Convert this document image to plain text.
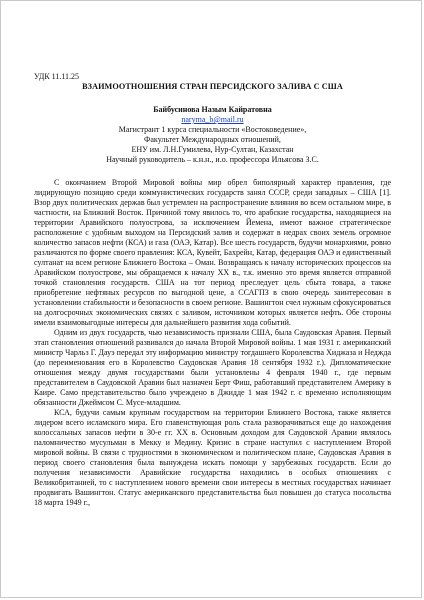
УДК 11.11.25

ВЗАИМООТНОШЕНИЯ СТРАН ПЕРСИДСКОГО ЗАЛИВА С США

Байбусинова Назым Кайратовна

naryma_b@mail.ru

Магистрант 1 курса специальности «Востоковедение»,

Факультет Международных отношений,

ЕНУ им. Л.Н.Гумилева, Нур-Султан, Казахстан

Научный руководитель – к.н.н., и.о. профессора Ильясова З.С.

С окончанием Второй Мировой войны мир обрел биполярный характер правления, где лидирующую позицию среди коммунистических государств занял СССР, среди западных – США [1]. Взор двух политических держав был устремлен на распространение влияния во всем остальном мире, в частности, на Ближний Восток. Причиной тому явилось то, что арабские государства, находящиеся на территории Аравийского полуострова, за исключением Йемена, имеют важное стратегическое расположение с удобным выходом на Персидский залив и содержат в недрах своих земель огромное количество запасов нефти (КСА) и газа (ОАЭ, Катар). Все шесть государств, будучи монархиями, ровно различаются по форме своего правления: КСА, Кувейт, Бахрейн, Катар, федерация ОАЭ и единственный султанат на всем регионе Ближнего Востока – Оман. Возвращаясь к началу исторических процессов на Аравийском полуострове, мы обращаемся к началу XX в., т.к. именно это время является отправной точкой становления государств. США на тот период преследует цель сбыта товара, а также приобретение нефтяных ресурсов по выгодной цене, а ССАГПЗ в свою очередь заинтересован в установлении стабильности и безопасности в своем регионе. Вашингтон счел нужным сфокусироваться на долгосрочных экономических связях с заливом, источником которых является нефть. Обе стороны имели взаимовыгодные интересы для дальнейшего развития хода событий.

Одним из двух государств, чью независимость признали США, была Саудовская Аравия. Первый этап становления отношений развивался до начала Второй Мировой войны. 1 мая 1931 г. американский министр Чарльз Г. Дауэ передал эту информацию министру тогдашнего Королевства Хиджаза и Неджда (до переименования его в Королевство Саудовская Аравия 18 сентября 1932 г.). Дипломатические отношения между двумя государствами были установлены 4 февраля 1940 г., где первым представителем в Саудовской Аравии был назначен Берт Фиш, работавший представителем Америку в Каире. Само представительство было учреждено в Джидде 1 мая 1942 г. с временно исполняющим обязанности Джеймсом С. Мусе-младшим.

КСА, будучи самым крупным государством на территории Ближнего Востока, также является лидером всего исламского мира. Его главенствующая роль стала разворачиваться еще до нахождения колоссальных запасов нефти в 30-е гг. XX в. Основным доходом для Саудовской Аравии являлось паломничество мусульман в Мекку и Медину. Кризис в стране наступил с наступлением Второй мировой войны. В связи с трудностями в экономическом и политическом плане, Саудовская Аравия в период своего становления была вынуждена искать помощи у зарубежных государств. Если до получения независимости Аравийские государства находились в особых отношениях с Великобританией, то с наступлением нового времени свои интересы в местных государствах начинает продвигать Вашингтон. Статус американского представительства был повышен до статуса посольства 18 марта 1949 г.,
